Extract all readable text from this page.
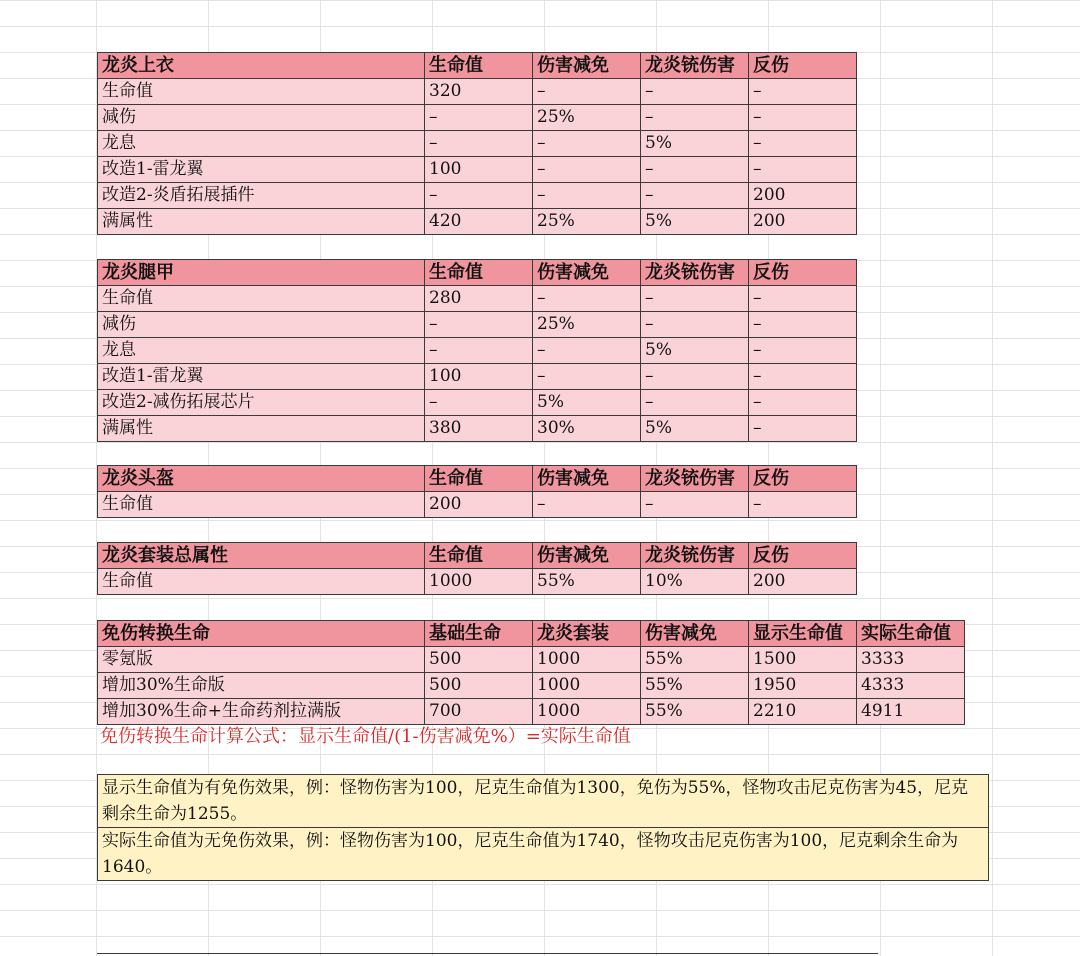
龙炎上衣	生命值	伤害减免	龙炎铳伤害	反伤
生命值	320	–	–	–
减伤	–	25%	–	–
龙息	–	–	5%	–
改造1-雷龙翼	100	–	–	–
改造2-炎盾拓展插件	–	–	–	200
满属性	420	25%	5%	200
龙炎腿甲	生命值	伤害减免	龙炎铳伤害	反伤
生命值	280	–	–	–
减伤	–	25%	–	–
龙息	–	–	5%	–
改造1-雷龙翼	100	–	–	–
改造2-减伤拓展芯片	–	5%	–	–
满属性	380	30%	5%	–
龙炎头盔	生命值	伤害减免	龙炎铳伤害	反伤
生命值	200	–	–	–
龙炎套装总属性	生命值	伤害减免	龙炎铳伤害	反伤
生命值	1000	55%	10%	200
免伤转换生命	基础生命	龙炎套装	伤害减免	显示生命值	实际生命值
零氪版	500	1000	55%	1500	3333
增加30%生命版	500	1000	55%	1950	4333
增加30%生命+生命药剂拉满版	700	1000	55%	2210	4911
免伤转换生命计算公式：显示生命值/(1-伤害减免%）=实际生命值
显示生命值为有免伤效果，例：怪物伤害为100，尼克生命值为1300，免伤为55%，怪物攻击尼克伤害为45，尼克剩余生命为1255。
实际生命值为无免伤效果，例：怪物伤害为100，尼克生命值为1740，怪物攻击尼克伤害为100，尼克剩余生命为1640。
